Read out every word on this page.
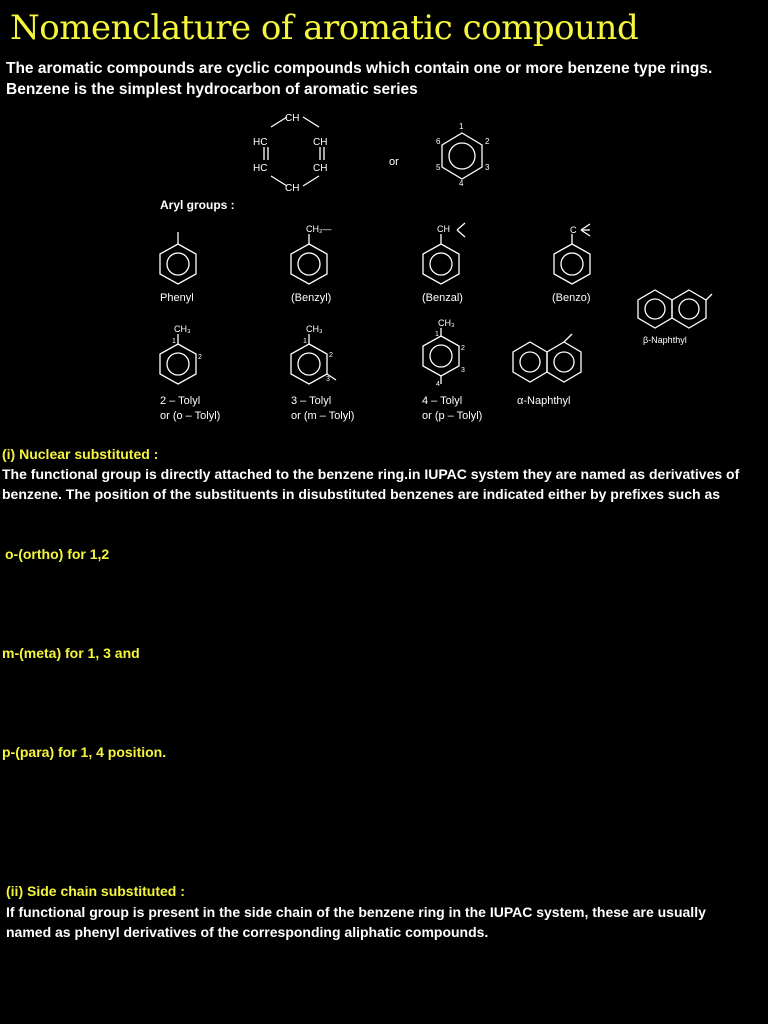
Nomenclature of aromatic compound
The aromatic compounds are cyclic compounds which contain one or more benzene type rings. Benzene is the simplest hydrocarbon of aromatic series
CH
HC	CH
HC	CH
CH
or
1
2
3
4
5
6
Aryl groups :
CH₂—	CH	C
CH₃	CH₃
CH₃
1
2
1
2
3
1
2
3
4
Phenyl	(Benzyl)	(Benzal)	(Benzo)
β-Naphthyl
2 – Tolyl
or (o – Tolyl)
3 – Tolyl
or (m – Tolyl)
4 – Tolyl
or (p – Tolyl)
α-Naphthyl
(i) Nuclear substituted :
The functional group is directly attached to the benzene ring.in IUPAC system they are named as derivatives of benzene. The position of the substituents in disubstituted benzenes are indicated either by prefixes such as
o-(ortho) for 1,2
m-(meta) for 1, 3 and
p-(para) for 1, 4 position.
(ii) Side chain substituted :
If functional group is present in the side chain of the benzene ring in the IUPAC system, these are usually named as phenyl derivatives of the corresponding aliphatic compounds.
